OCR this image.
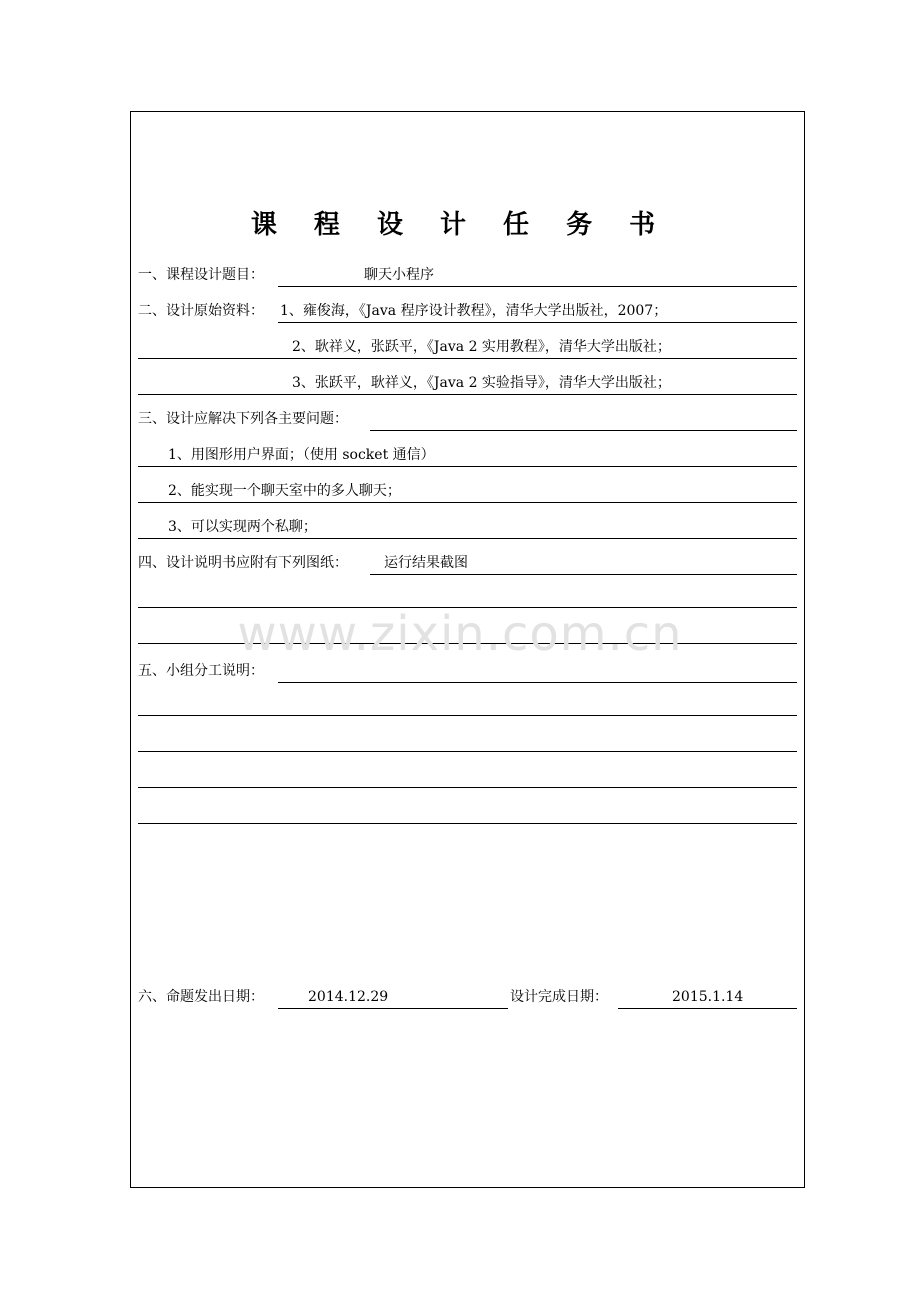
课 程 设 计 任 务 书
一、课程设计题目：	聊天小程序
二、设计原始资料： 1、雍俊海，《Java 程序设计教程》，清华大学出版社，2007；
2、耿祥义，张跃平，《Java 2 实用教程》，清华大学出版社；
3、张跃平，耿祥义，《Java 2 实验指导》，清华大学出版社；
三、设计应解决下列各主要问题：
1、用图形用户界面；（使用 socket 通信）
2、能实现一个聊天室中的多人聊天；
3、可以实现两个私聊；
四、设计说明书应附有下列图纸：	运行结果截图
www.zixin.com.cn
五、小组分工说明：
六、命题发出日期：	2014.12.29	设计完成日期：	2015.1.14
